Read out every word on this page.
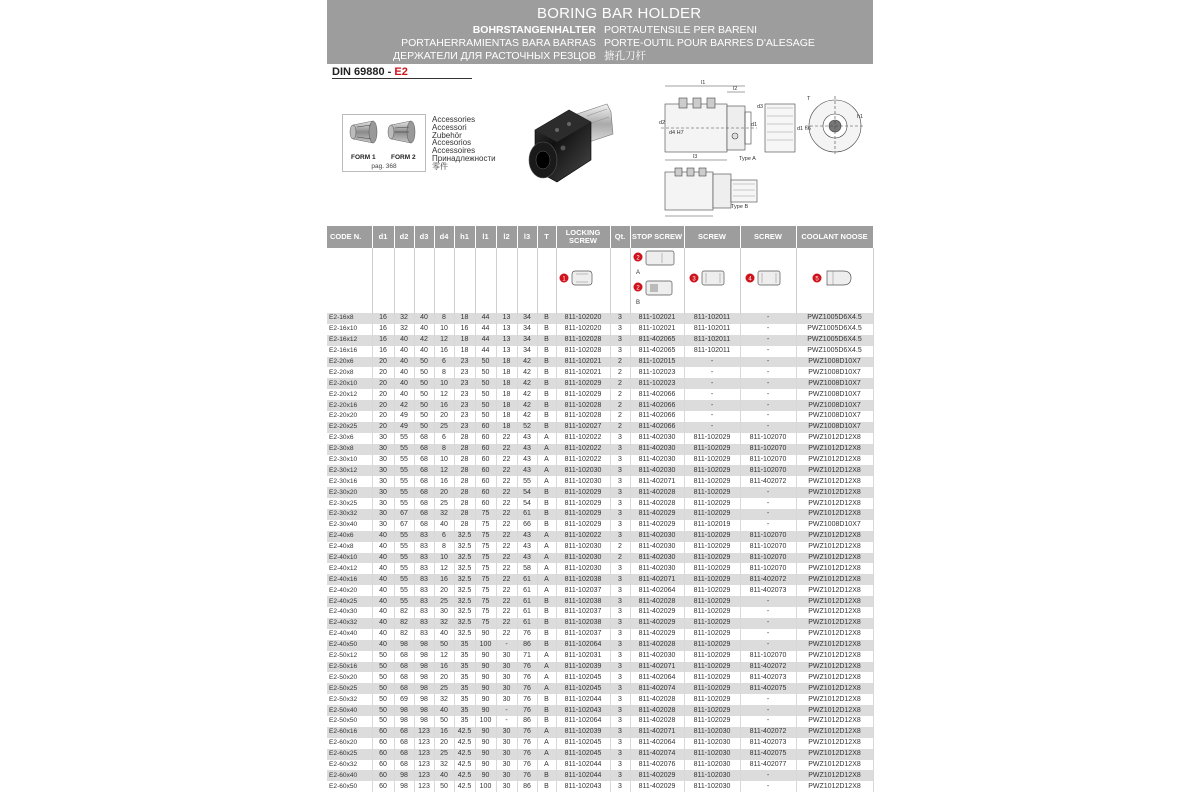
BORING BAR HOLDER
BOHRSTANGENHALTER
PORTAHERRAMIENTAS BARA BARRAS
ДЕРЖАТЕЛИ ДЛЯ РАСТОЧНЫХ РЕЗЦОВ
PORTAUTENSILE PER BARENI
PORTE-OUTIL POUR BARRES D'ALESAGE
搪孔刀杆
DIN 69880 - E2
FORM 1 FORM 2
pag. 368
Accessories
Accessori
Zubehör
Accesorios
Accessoires
Принадлежности
零件
l1
l2
l3
d1
d2
d3
d4 H7
h1
d1 h6
T
Type A
Type B
CODE N.	d1	d2	d3	d4	h1	l1	l2	l3	T	LOCKING SCREW	Qt.	STOP SCREW	SCREW	SCREW	COOLANT NOOSE

1		2
A
2
B	3	4	5

E2-16x8	16	32	40	8	18	44	13	34	B	811-102020	3	811-102021	811-102011	-	PWZ1005D6X4.5
E2-16x10	16	32	40	10	16	44	13	34	B	811-102020	3	811-102021	811-102011	-	PWZ1005D6X4.5
E2-16x12	16	40	42	12	18	44	13	34	B	811-102028	3	811-402065	811-102011	-	PWZ1005D6X4.5
E2-16x16	16	40	40	16	18	44	13	34	B	811-102028	3	811-402065	811-102011	-	PWZ1005D6X4.5
E2-20x6	20	40	50	6	23	50	18	42	B	811-102021	2	811-102015	-	-	PWZ1008D10X7
E2-20x8	20	40	50	8	23	50	18	42	B	811-102021	2	811-102023	-	-	PWZ1008D10X7
E2-20x10	20	40	50	10	23	50	18	42	B	811-102029	2	811-102023	-	-	PWZ1008D10X7
E2-20x12	20	40	50	12	23	50	18	42	B	811-102029	2	811-402066	-	-	PWZ1008D10X7
E2-20x16	20	42	50	16	23	50	18	42	B	811-102028	2	811-402066	-	-	PWZ1008D10X7
E2-20x20	20	49	50	20	23	50	18	42	B	811-102028	2	811-402066	-	-	PWZ1008D10X7
E2-20x25	20	49	50	25	23	60	18	52	B	811-102027	2	811-402066	-	-	PWZ1008D10X7
E2-30x6	30	55	68	6	28	60	22	43	A	811-102022	3	811-402030	811-102029	811-102070	PWZ1012D12X8
E2-30x8	30	55	68	8	28	60	22	43	A	811-102022	3	811-402030	811-102029	811-102070	PWZ1012D12X8
E2-30x10	30	55	68	10	28	60	22	43	A	811-102022	3	811-402030	811-102029	811-102070	PWZ1012D12X8
E2-30x12	30	55	68	12	28	60	22	43	A	811-102030	3	811-402030	811-102029	811-102070	PWZ1012D12X8
E2-30x16	30	55	68	16	28	60	22	55	A	811-102030	3	811-402071	811-102029	811-402072	PWZ1012D12X8
E2-30x20	30	55	68	20	28	60	22	54	B	811-102029	3	811-402028	811-102029	-	PWZ1012D12X8
E2-30x25	30	55	68	25	28	60	22	54	B	811-102029	3	811-402028	811-102029	-	PWZ1012D12X8
E2-30x32	30	67	68	32	28	75	22	61	B	811-102029	3	811-402029	811-102029	-	PWZ1012D12X8
E2-30x40	30	67	68	40	28	75	22	66	B	811-102029	3	811-402029	811-102019	-	PWZ1008D10X7
E2-40x6	40	55	83	6	32.5	75	22	43	A	811-102022	3	811-402030	811-102029	811-102070	PWZ1012D12X8
E2-40x8	40	55	83	8	32.5	75	22	43	A	811-102030	2	811-402030	811-102029	811-102070	PWZ1012D12X8
E2-40x10	40	55	83	10	32.5	75	22	43	A	811-102030	2	811-402030	811-102029	811-102070	PWZ1012D12X8
E2-40x12	40	55	83	12	32.5	75	22	58	A	811-102030	3	811-402030	811-102029	811-102070	PWZ1012D12X8
E2-40x16	40	55	83	16	32.5	75	22	61	A	811-102038	3	811-402071	811-102029	811-402072	PWZ1012D12X8
E2-40x20	40	55	83	20	32.5	75	22	61	A	811-102037	3	811-402064	811-102029	811-402073	PWZ1012D12X8
E2-40x25	40	55	83	25	32.5	75	22	61	B	811-102038	3	811-402028	811-102029	-	PWZ1012D12X8
E2-40x30	40	82	83	30	32.5	75	22	61	B	811-102037	3	811-402029	811-102029	-	PWZ1012D12X8
E2-40x32	40	82	83	32	32.5	75	22	61	B	811-102038	3	811-402029	811-102029	-	PWZ1012D12X8
E2-40x40	40	82	83	40	32.5	90	22	76	B	811-102037	3	811-402029	811-102029	-	PWZ1012D12X8
E2-40x50	40	98	98	50	35	100	-	86	B	811-102064	3	811-402028	811-102029	-	PWZ1012D12X8
E2-50x12	50	68	98	12	35	90	30	71	A	811-102031	3	811-402030	811-102029	811-102070	PWZ1012D12X8
E2-50x16	50	68	98	16	35	90	30	76	A	811-102039	3	811-402071	811-102029	811-402072	PWZ1012D12X8
E2-50x20	50	68	98	20	35	90	30	76	A	811-102045	3	811-402064	811-102029	811-402073	PWZ1012D12X8
E2-50x25	50	68	98	25	35	90	30	76	A	811-102045	3	811-402074	811-102029	811-402075	PWZ1012D12X8
E2-50x32	50	69	98	32	35	90	30	76	B	811-102044	3	811-402028	811-102029	-	PWZ1012D12X8
E2-50x40	50	98	98	40	35	90	-	76	B	811-102043	3	811-402028	811-102029	-	PWZ1012D12X8
E2-50x50	50	98	98	50	35	100	-	86	B	811-102064	3	811-402028	811-102029	-	PWZ1012D12X8
E2-60x16	60	68	123	16	42.5	90	30	76	A	811-102039	3	811-402071	811-102030	811-402072	PWZ1012D12X8
E2-60x20	60	68	123	20	42.5	90	30	76	A	811-102045	3	811-402064	811-102030	811-402073	PWZ1012D12X8
E2-60x25	60	68	123	25	42.5	90	30	76	A	811-102045	3	811-402074	811-102030	811-402075	PWZ1012D12X8
E2-60x32	60	68	123	32	42.5	90	30	76	A	811-102044	3	811-402076	811-102030	811-402077	PWZ1012D12X8
E2-60x40	60	98	123	40	42.5	90	30	76	B	811-102044	3	811-402029	811-102030	-	PWZ1012D12X8
E2-60x50	60	98	123	50	42.5	100	30	86	B	811-102043	3	811-402029	811-102030	-	PWZ1012D12X8
